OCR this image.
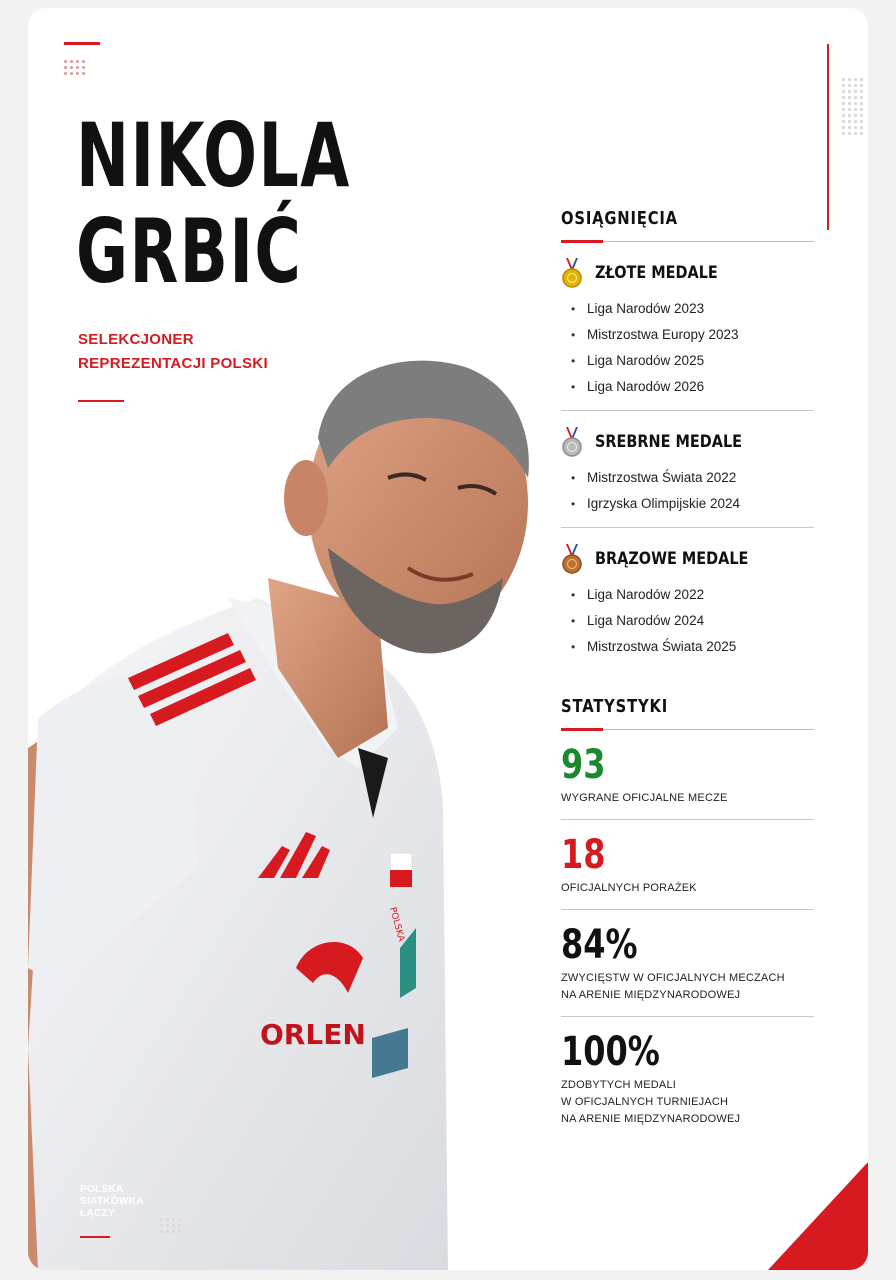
NIKOLA
GRBIĆ
SELEKCJONER
REPREZENTACJI POLSKI
ORLEN
POLSKA
OSIĄGNIĘCIA
ZŁOTE MEDALE
• Liga Narodów 2023
• Mistrzostwa Europy 2023
• Liga Narodów 2025
• Liga Narodów 2026
SREBRNE MEDALE
• Mistrzostwa Świata 2022
• Igrzyska Olimpijskie 2024
BRĄZOWE MEDALE
• Liga Narodów 2022
• Liga Narodów 2024
• Mistrzostwa Świata 2025
STATYSTYKI
93
WYGRANE OFICJALNE MECZE
18
OFICJALNYCH PORAŻEK
84%
ZWYCIĘSTW W OFICJALNYCH MECZACH
NA ARENIE MIĘDZYNARODOWEJ
100%
ZDOBYTYCH MEDALI
W OFICJALNYCH TURNIEJACH
NA ARENIE MIĘDZYNARODOWEJ
POLSKA
SIATKÓWKA
ŁĄCZY
